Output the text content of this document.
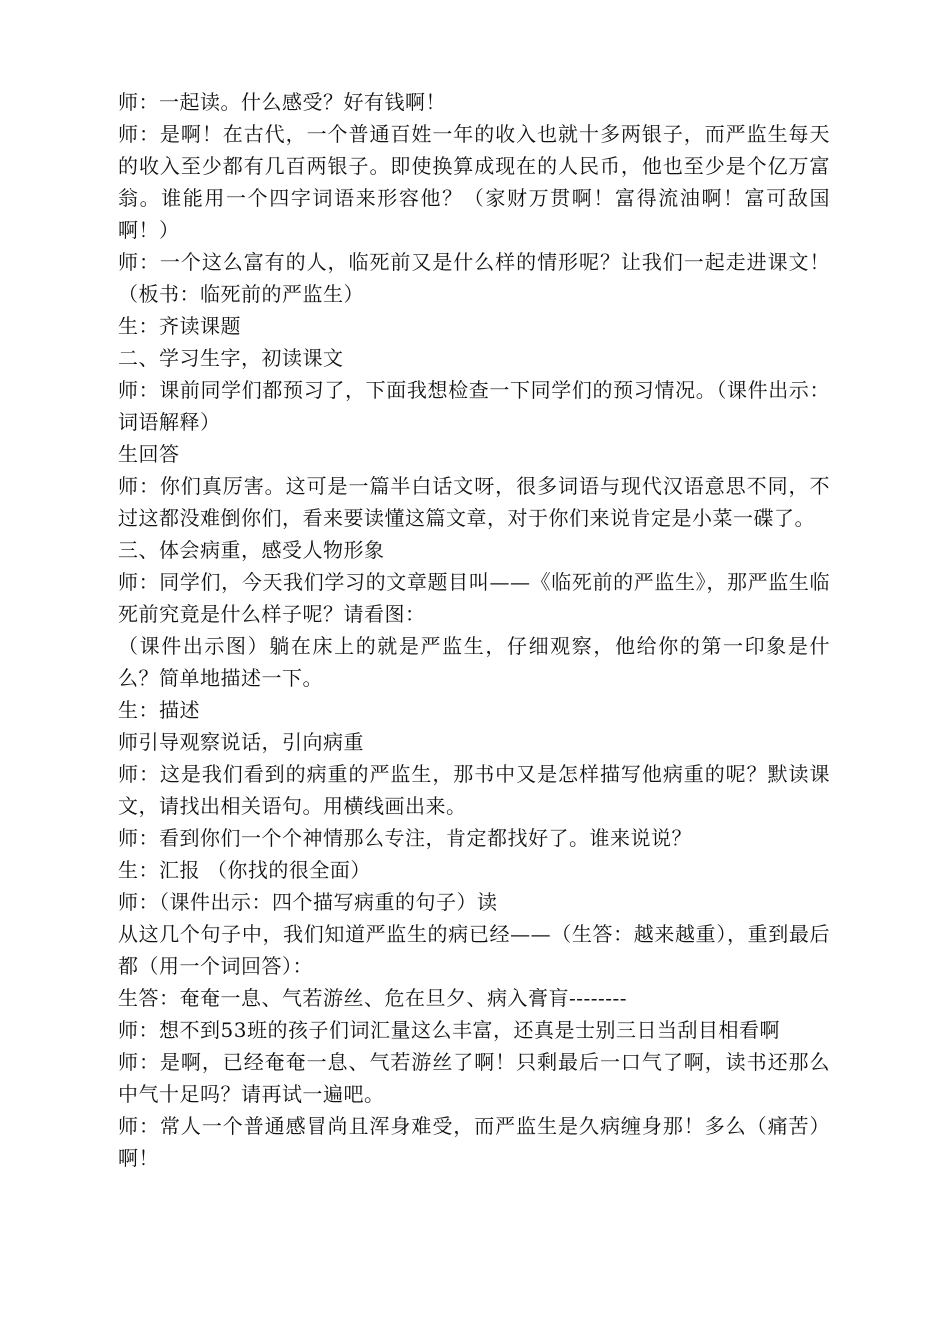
师：一起读。什么感受？好有钱啊！

师：是啊！在古代，一个普通百姓一年的收入也就十多两银子，而严监生每天的收入至少都有几百两银子。即使换算成现在的人民币，他也至少是个亿万富翁。谁能用一个四字词语来形容他？（家财万贯啊！富得流油啊！富可敌国啊！）

师：一个这么富有的人，临死前又是什么样的情形呢？让我们一起走进课文！（板书：临死前的严监生）

生：齐读课题

二、学习生字，初读课文

师：课前同学们都预习了，下面我想检查一下同学们的预习情况。（课件出示：词语解释）

生回答

师：你们真厉害。这可是一篇半白话文呀，很多词语与现代汉语意思不同，不过这都没难倒你们，看来要读懂这篇文章，对于你们来说肯定是小菜一碟了。

三、体会病重，感受人物形象

师：同学们，今天我们学习的文章题目叫——《临死前的严监生》，那严监生临死前究竟是什么样子呢？请看图：

（课件出示图）躺在床上的就是严监生，仔细观察，他给你的第一印象是什么？简单地描述一下。

生：描述

师引导观察说话，引向病重

师：这是我们看到的病重的严监生，那书中又是怎样描写他病重的呢？默读课文，请找出相关语句。用横线画出来。

师：看到你们一个个神情那么专注，肯定都找好了。谁来说说？

生：汇报 （你找的很全面）

师：（课件出示：四个描写病重的句子）读

从这几个句子中，我们知道严监生的病已经——（生答：越来越重），重到最后都（用一个词回答）：

生答：奄奄一息、气若游丝、危在旦夕、病入膏肓--------

师：想不到53班的孩子们词汇量这么丰富，还真是士别三日当刮目相看啊

师：是啊，已经奄奄一息、气若游丝了啊！只剩最后一口气了啊，读书还那么中气十足吗？请再试一遍吧。

师：常人一个普通感冒尚且浑身难受，而严监生是久病缠身那！多么（痛苦）啊！
